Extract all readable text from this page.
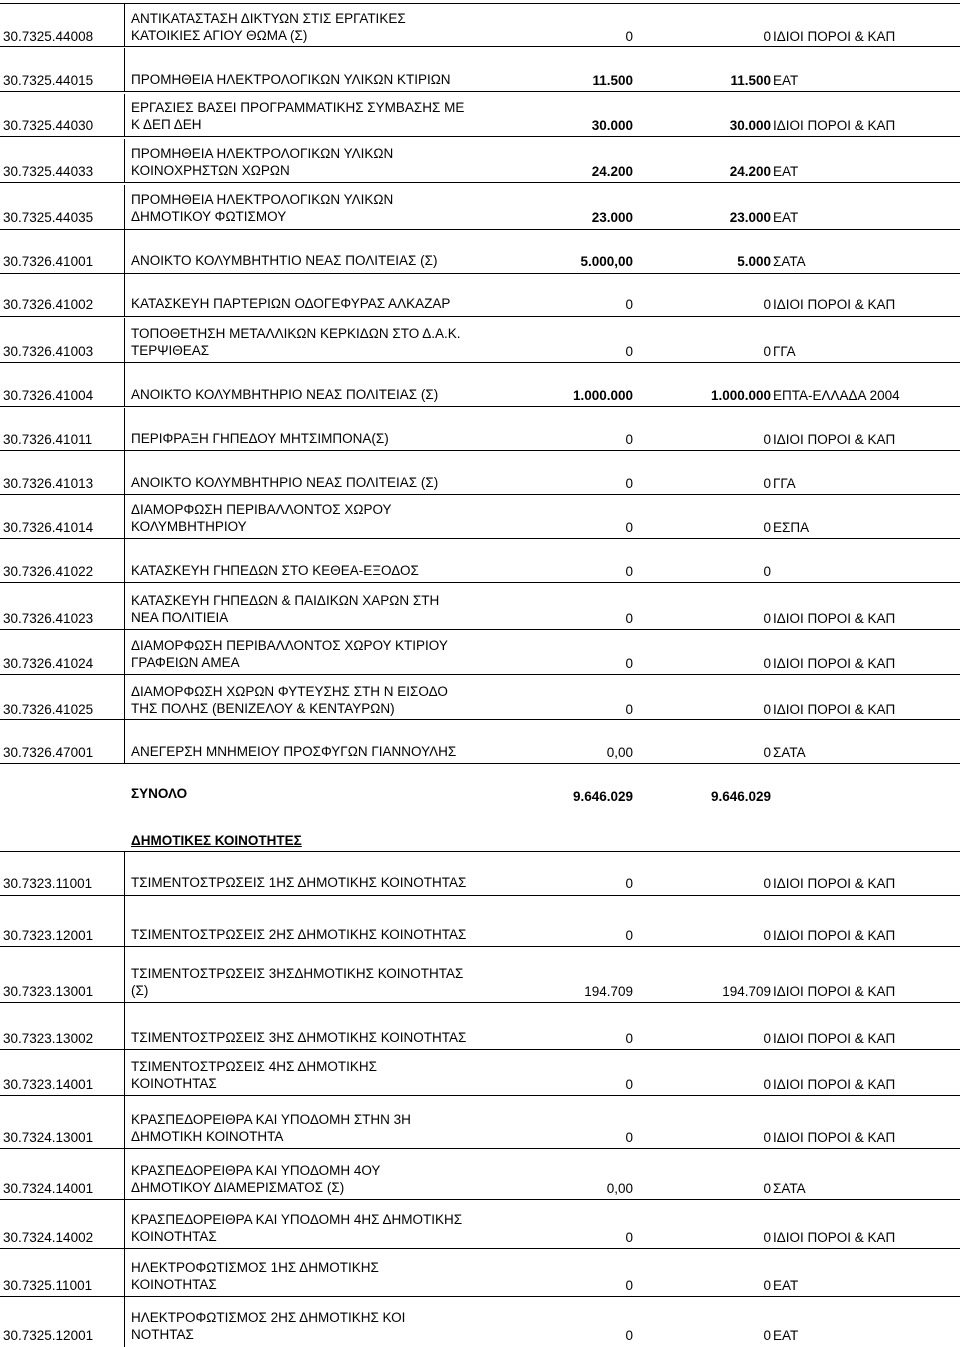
30.7325.44008
ΑΝΤΙΚΑΤΑΣΤΑΣΗ ΔΙΚΤΥΩΝ ΣΤΙΣ ΕΡΓΑΤΙΚΕΣ
ΚΑΤΟΙΚΙΕΣ ΑΓΙΟΥ ΘΩΜΑ (Σ)	0	0 ΙΔΙΟΙ ΠΟΡΟΙ & ΚΑΠ
30.7325.44015	ΠΡΟΜΗΘΕΙΑ ΗΛΕΚΤΡΟΛΟΓΙΚΩΝ ΥΛΙΚΩΝ ΚΤΙΡΙΩΝ	11.500	11.500 ΕΑΤ
30.7325.44030
ΕΡΓΑΣΙΕΣ ΒΑΣΕΙ ΠΡΟΓΡΑΜΜΑΤΙΚΗΣ ΣΥΜΒΑΣΗΣ ΜΕ
Κ ΔΕΠ ΔΕΗ	30.000	30.000 ΙΔΙΟΙ ΠΟΡΟΙ & ΚΑΠ
30.7325.44033
ΠΡΟΜΗΘΕΙΑ ΗΛΕΚΤΡΟΛΟΓΙΚΩΝ ΥΛΙΚΩΝ
ΚΟΙΝΟΧΡΗΣΤΩΝ ΧΩΡΩΝ	24.200	24.200 ΕΑΤ
30.7325.44035
ΠΡΟΜΗΘΕΙΑ ΗΛΕΚΤΡΟΛΟΓΙΚΩΝ ΥΛΙΚΩΝ
ΔΗΜΟΤΙΚΟΥ ΦΩΤΙΣΜΟΥ	23.000	23.000 ΕΑΤ
30.7326.41001	ΑΝΟΙΚΤΟ ΚΟΛΥΜΒΗΤΗΤΙΟ ΝΕΑΣ ΠΟΛΙΤΕΙΑΣ (Σ)	5.000,00	5.000 ΣΑΤΑ
30.7326.41002	ΚΑΤΑΣΚΕΥΗ ΠΑΡΤΕΡΙΩΝ ΟΔΟΓΕΦΥΡΑΣ ΑΛΚΑΖΑΡ	0	0 ΙΔΙΟΙ ΠΟΡΟΙ & ΚΑΠ
30.7326.41003
ΤΟΠΟΘΕΤΗΣΗ ΜΕΤΑΛΛΙΚΩΝ ΚΕΡΚΙΔΩΝ ΣΤΟ Δ.Α.Κ.
ΤΕΡΨΙΘΕΑΣ	0	0 ΓΓΑ
30.7326.41004	ΑΝΟΙΚΤΟ ΚΟΛΥΜΒΗΤΗΡΙΟ ΝΕΑΣ ΠΟΛΙΤΕΙΑΣ (Σ)	1.000.000	1.000.000 ΕΠΤΑ-ΕΛΛΑΔΑ 2004
30.7326.41011	ΠΕΡΙΦΡΑΞΗ ΓΗΠΕΔΟΥ ΜΗΤΣΙΜΠΟΝΑ(Σ)	0	0 ΙΔΙΟΙ ΠΟΡΟΙ & ΚΑΠ
30.7326.41013	ΑΝΟΙΚΤΟ ΚΟΛΥΜΒΗΤΗΡΙΟ ΝΕΑΣ ΠΟΛΙΤΕΙΑΣ (Σ)	0	0 ΓΓΑ
30.7326.41014
ΔΙΑΜΟΡΦΩΣΗ ΠΕΡΙΒΑΛΛΟΝΤΟΣ ΧΩΡΟΥ
ΚΟΛΥΜΒΗΤΗΡΙΟΥ	0	0 ΕΣΠΑ
30.7326.41022	ΚΑΤΑΣΚΕΥΗ ΓΗΠΕΔΩΝ ΣΤΟ ΚΕΘΕΑ-ΕΞΟΔΟΣ	0	0
30.7326.41023
ΚΑΤΑΣΚΕΥΗ ΓΗΠΕΔΩΝ & ΠΑΙΔΙΚΩΝ ΧΑΡΩΝ ΣΤΗ
ΝΕΑ ΠΟΛΙΤΙΕΙΑ	0	0 ΙΔΙΟΙ ΠΟΡΟΙ & ΚΑΠ
30.7326.41024
ΔΙΑΜΟΡΦΩΣΗ ΠΕΡΙΒΑΛΛΟΝΤΟΣ ΧΩΡΟΥ ΚΤΙΡΙΟΥ
ΓΡΑΦΕΙΩΝ ΑΜΕΑ	0	0 ΙΔΙΟΙ ΠΟΡΟΙ & ΚΑΠ
30.7326.41025
ΔΙΑΜΟΡΦΩΣΗ ΧΩΡΩΝ ΦΥΤΕΥΣΗΣ ΣΤΗ Ν ΕΙΣΟΔΟ
ΤΗΣ ΠΟΛΗΣ (ΒΕΝΙΖΕΛΟΥ & ΚΕΝΤΑΥΡΩΝ)	0	0 ΙΔΙΟΙ ΠΟΡΟΙ & ΚΑΠ
30.7326.47001	ΑΝΕΓΕΡΣΗ ΜΝΗΜΕΙΟΥ ΠΡΟΣΦΥΓΩΝ ΓΙΑΝΝΟΥΛΗΣ	0,00	0 ΣΑΤΑ
30.7323.11001	ΤΣΙΜΕΝΤΟΣΤΡΩΣΕΙΣ 1ΗΣ ΔΗΜΟΤΙΚΗΣ ΚΟΙΝΟΤΗΤΑΣ	0	0 ΙΔΙΟΙ ΠΟΡΟΙ & ΚΑΠ
30.7323.12001	ΤΣΙΜΕΝΤΟΣΤΡΩΣΕΙΣ 2ΗΣ ΔΗΜΟΤΙΚΗΣ ΚΟΙΝΟΤΗΤΑΣ	0	0 ΙΔΙΟΙ ΠΟΡΟΙ & ΚΑΠ
30.7323.13001
ΤΣΙΜΕΝΤΟΣΤΡΩΣΕΙΣ 3ΗΣΔΗΜΟΤΙΚΗΣ ΚΟΙΝΟΤΗΤΑΣ
(Σ)	194.709	194.709 ΙΔΙΟΙ ΠΟΡΟΙ & ΚΑΠ
30.7323.13002	ΤΣΙΜΕΝΤΟΣΤΡΩΣΕΙΣ 3ΗΣ ΔΗΜΟΤΙΚΗΣ ΚΟΙΝΟΤΗΤΑΣ	0	0 ΙΔΙΟΙ ΠΟΡΟΙ & ΚΑΠ
30.7323.14001
ΤΣΙΜΕΝΤΟΣΤΡΩΣΕΙΣ 4ΗΣ ΔΗΜΟΤΙΚΗΣ
ΚΟΙΝΟΤΗΤΑΣ	0	0 ΙΔΙΟΙ ΠΟΡΟΙ & ΚΑΠ
30.7324.13001
ΚΡΑΣΠΕΔΟΡΕΙΘΡΑ ΚΑΙ ΥΠΟΔΟΜΗ ΣΤΗΝ 3Η
ΔΗΜΟΤΙΚΗ ΚΟΙΝΟΤΗΤΑ	0	0 ΙΔΙΟΙ ΠΟΡΟΙ & ΚΑΠ
30.7324.14001
ΚΡΑΣΠΕΔΟΡΕΙΘΡΑ ΚΑΙ ΥΠΟΔΟΜΗ 4ΟΥ
ΔΗΜΟΤΙΚΟΥ ΔΙΑΜΕΡΙΣΜΑΤΟΣ (Σ)	0,00	0 ΣΑΤΑ
30.7324.14002
ΚΡΑΣΠΕΔΟΡΕΙΘΡΑ ΚΑΙ ΥΠΟΔΟΜΗ 4ΗΣ ΔΗΜΟΤΙΚΗΣ
ΚΟΙΝΟΤΗΤΑΣ	0	0 ΙΔΙΟΙ ΠΟΡΟΙ & ΚΑΠ
30.7325.11001
ΗΛΕΚΤΡΟΦΩΤΙΣΜΟΣ 1ΗΣ ΔΗΜΟΤΙΚΗΣ
ΚΟΙΝΟΤΗΤΑΣ	0	0 ΕΑΤ
30.7325.12001
ΗΛΕΚΤΡΟΦΩΤΙΣΜΟΣ 2ΗΣ ΔΗΜΟΤΙΚΗΣ ΚΟΙ
ΝΟΤΗΤΑΣ	0	0 ΕΑΤ
ΣΥΝΟΛΟ	9.646.029	9.646.029
ΔΗΜΟΤΙΚΕΣ ΚΟΙΝΟΤΗΤΕΣ
